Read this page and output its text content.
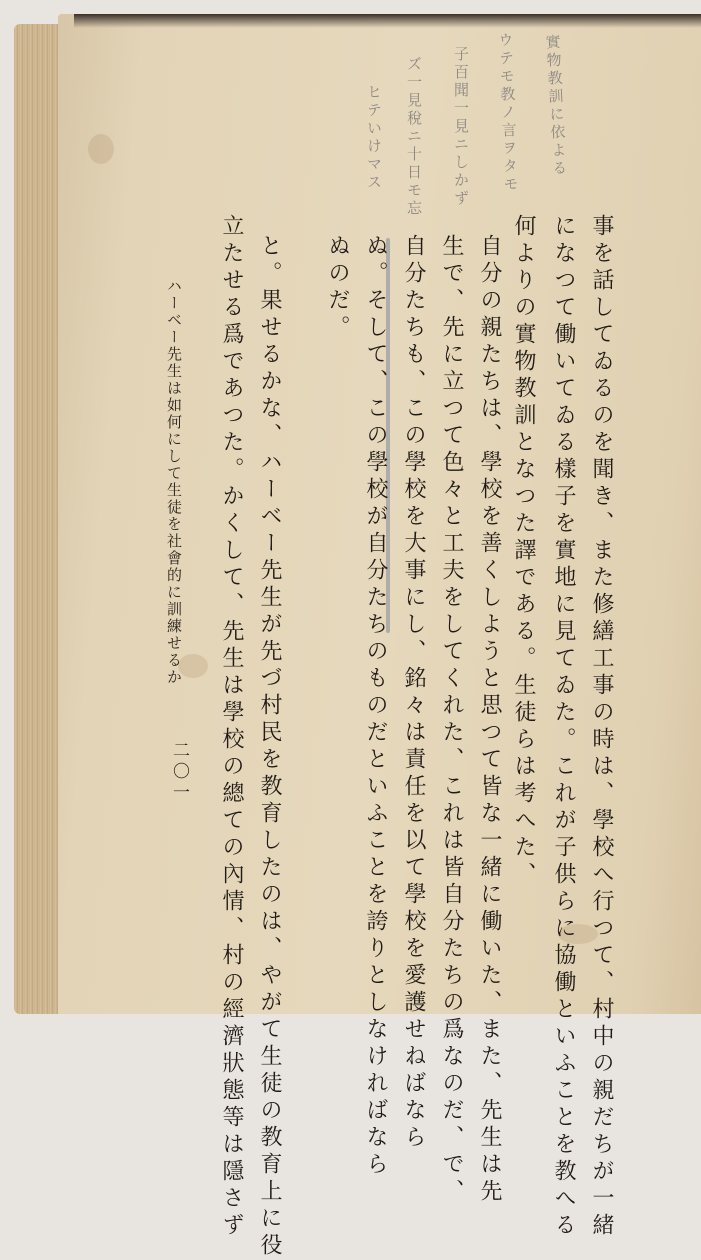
實物教訓に依よる
ウテモ教ノ言ヲタモ
子百聞一見ニしかず
ズ一見稅ニ十日モ忘
ヒテいけマス
事を話してゐるのを聞き、また修繕工事の時は、學校へ行つて、村中の親だちが一緒
になつて働いてゐる樣子を實地に見てゐた。これが子供らに協働といふことを教へる
何よりの實物教訓となつた譯である。生徒らは考へた、
自分の親たちは、學校を善くしようと思つて皆な一緒に働いた、また、先生は先
生で、先に立つて色々と工夫をしてくれた、これは皆自分たちの爲なのだ、で、
自分たちも、この學校を大事にし、銘々は責任を以て學校を愛護せねばなら
ぬ。そして、この學校が自分たちのものだといふことを誇りとしなければなら
ぬのだ。
と。果せるかな、ハーベー先生が先づ村民を教育したのは、やがて生徒の教育上に役
立たせる爲であつた。かくして、先生は學校の總ての內情、村の經濟狀態等は隱さず
ハーベー先生は如何にして生徒を社會的に訓練せるか
二〇一
